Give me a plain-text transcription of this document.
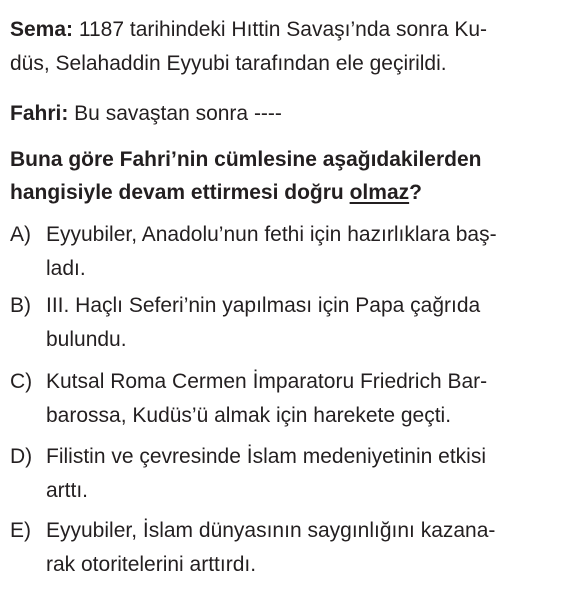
Sema: 1187 tarihindeki Hıttin Savaşı’nda sonra Ku-
düs, Selahaddin Eyyubi tarafından ele geçirildi.
Fahri: Bu savaştan sonra ----
Buna göre Fahri’nin cümlesine aşağıdakilerden
hangisiyle devam ettirmesi doğru olmaz?
A) Eyyubiler, Anadolu’nun fethi için hazırlıklara baş-
ladı.
B) III. Haçlı Seferi’nin yapılması için Papa çağrıda
bulundu.
C) Kutsal Roma Cermen İmparatoru Friedrich Bar-
barossa, Kudüs’ü almak için harekete geçti.
D) Filistin ve çevresinde İslam medeniyetinin etkisi
arttı.
E) Eyyubiler, İslam dünyasının saygınlığını kazana-
rak otoritelerini arttırdı.
